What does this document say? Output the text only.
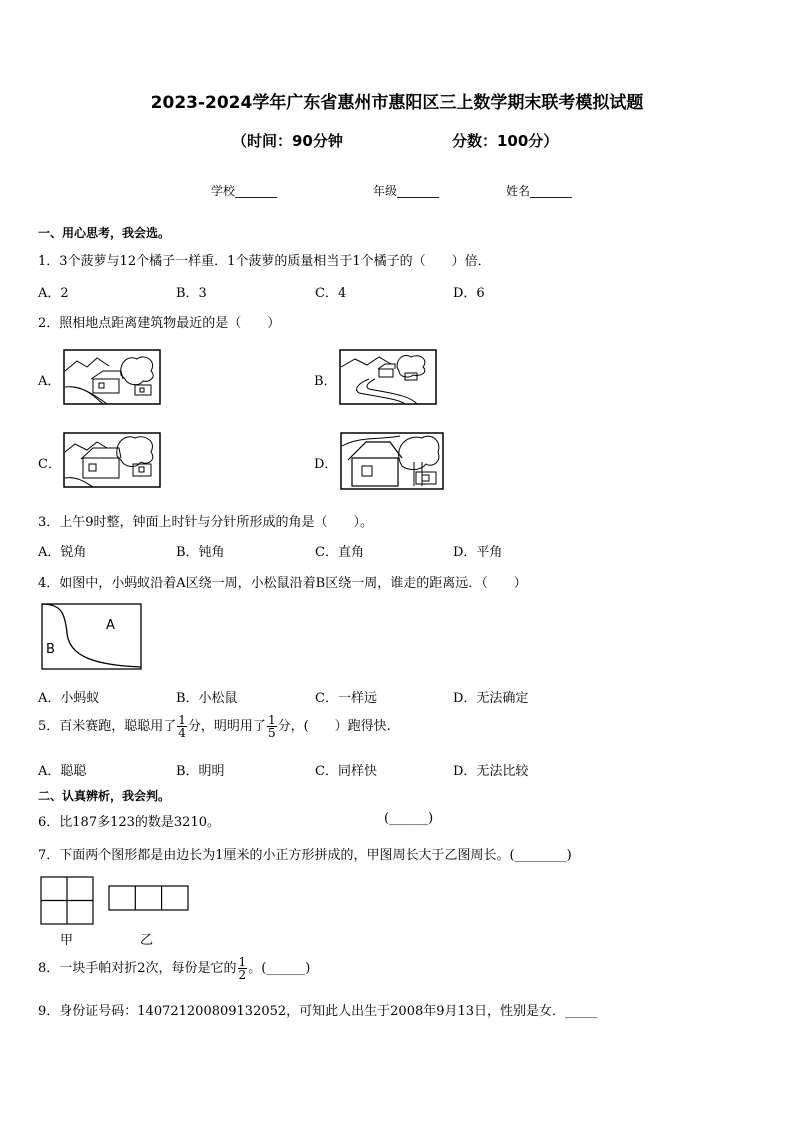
2023-2024学年广东省惠州市惠阳区三上数学期末联考模拟试题
（时间：90分钟	分数：100分）
学校_______	年级_______	姓名_______
一、用心思考，我会选。
1．3个菠萝与12个橘子一样重．1个菠萝的质量相当于1个橘子的（　　）倍．
A．2	B．3	C．4	D．6
2．照相地点距离建筑物最近的是（　　）
A．	B．
C．	D．
3．上午9时整，钟面上时针与分针所形成的角是（　　）。
A．锐角	B．钝角	C．直角	D．平角
4．如图中，小蚂蚁沿着A区绕一周，小松鼠沿着B区绕一周，谁走的距离远．（　　）
A
B
A．小蚂蚁	B．小松鼠	C．一样远	D．无法确定
5．百米赛跑，聪聪用了 $\frac{1}{4}$ 分，明明用了 $\frac{1}{5}$ 分，(　　）跑得快.
A．聪聪	B．明明	C．同样快	D．无法比较
二、认真辨析，我会判。
6．比187多123的数是3210。	(______)
7．下面两个图形都是由边长为1厘米的小正方形拼成的，甲图周长大于乙图周长。(________)
甲	乙
8．一块手帕对折2次，每份是它的 $\frac{1}{2}$ 。(______)
9．身份证号码：140721200809132052，可知此人出生于2008年9月13日，性别是女．_____
